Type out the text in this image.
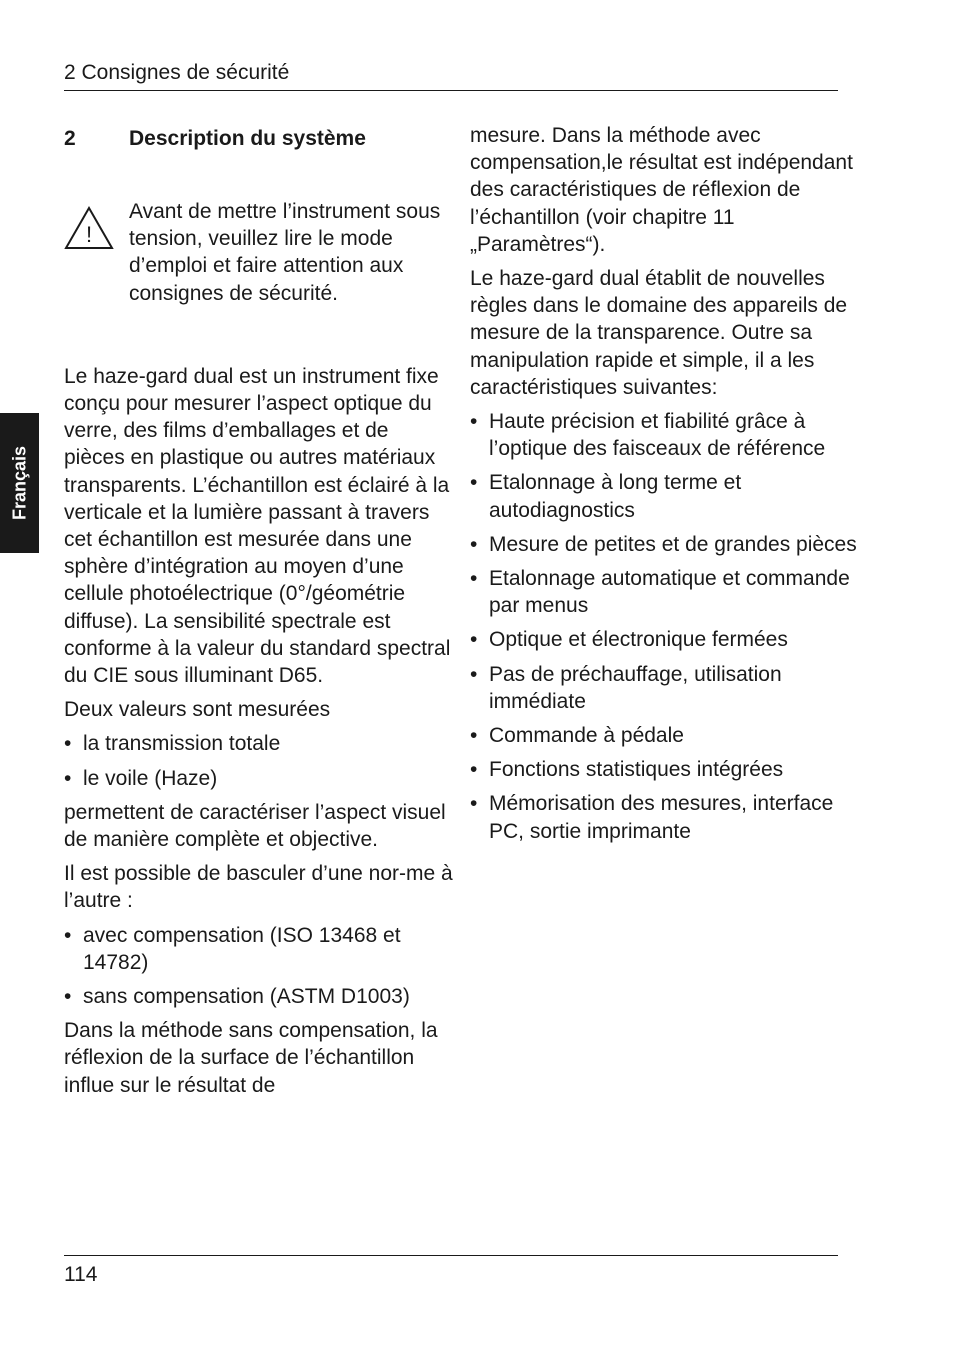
2 Consignes de sécurité
Français
2	Description du système
!
Avant de mettre l’instrument sous tension, veuillez lire le mode d’emploi et faire attention aux consignes de sécurité.

Le haze-gard dual est un instrument fixe conçu pour mesurer l’aspect optique du verre, des films d’emballages et de pièces en plastique ou autres matériaux transparents. L’échantillon est éclairé à la verticale et la lumière passant à travers cet échantillon est mesurée dans une sphère d’intégration au moyen d’une cellule photoélectrique (0°/géométrie diffuse). La sensibilité spectrale est conforme à la valeur du standard spectral du CIE sous illuminant D65.

Deux valeurs sont mesurées

• la transmission totale
• le voile (Haze)

permettent de caractériser l’aspect visuel de manière complète et objective.

Il est possible de basculer d’une nor-me à l’autre :

• avec compensation (ISO 13468 et 14782)
• sans compensation (ASTM D1003)

Dans la méthode sans compensation, la réflexion de la surface de l’échantillon influe sur le résultat de

mesure. Dans la méthode avec compensation,le résultat est indépendant des caractéristiques de réflexion de l’échantillon (voir chapitre 11 „Paramètres“).

Le haze-gard dual établit de nouvelles règles dans le domaine des appareils de mesure de la transparence. Outre sa manipulation rapide et simple, il a les caractéristiques suivantes:

• Haute précision et fiabilité grâce à l’optique des faisceaux de référence
• Etalonnage à long terme et autodiagnostics
• Mesure de petites et de grandes pièces
• Etalonnage automatique et commande par menus
• Optique et électronique fermées
• Pas de préchauffage, utilisation immédiate
• Commande à pédale
• Fonctions statistiques intégrées
• Mémorisation des mesures, interface PC, sortie imprimante
114
